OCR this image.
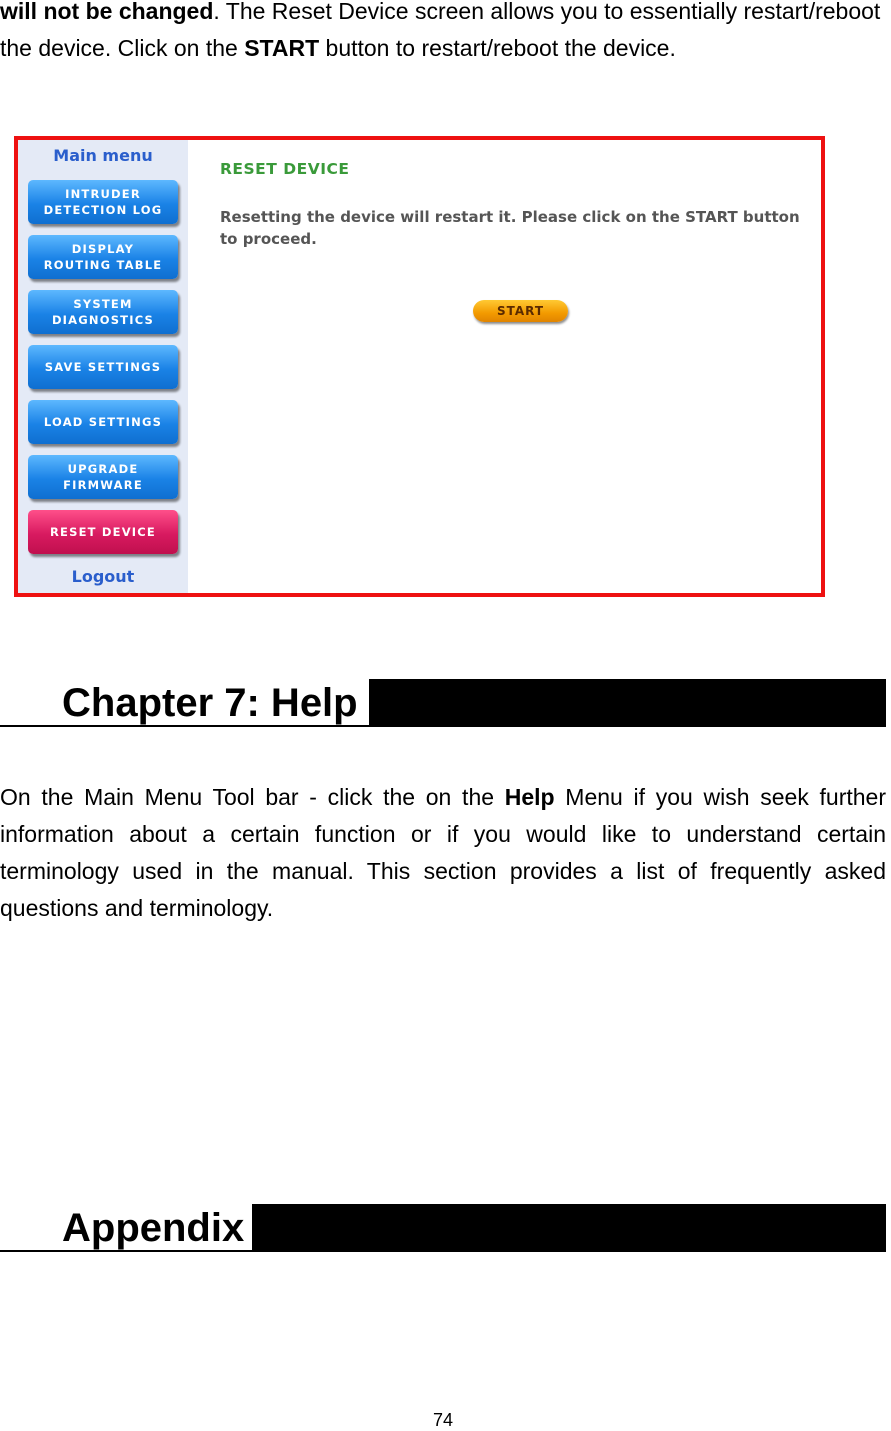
will not be changed. The Reset Device screen allows you to essentially restart/reboot the device. Click on the START button to restart/reboot the device.

Main menu
INTRUDER
DETECTION LOG
DISPLAY
ROUTING TABLE
SYSTEM
DIAGNOSTICS
SAVE SETTINGS
LOAD SETTINGS
UPGRADE
FIRMWARE
RESET DEVICE
Logout
RESET DEVICE
Resetting the device will restart it. Please click on the START button to proceed.
START
Chapter 7: Help

On the Main Menu Tool bar - click the on the Help Menu if you wish seek further information about a certain function or if you would like to understand certain terminology used in the manual. This section provides a list of frequently asked questions and terminology.

Appendix
74
